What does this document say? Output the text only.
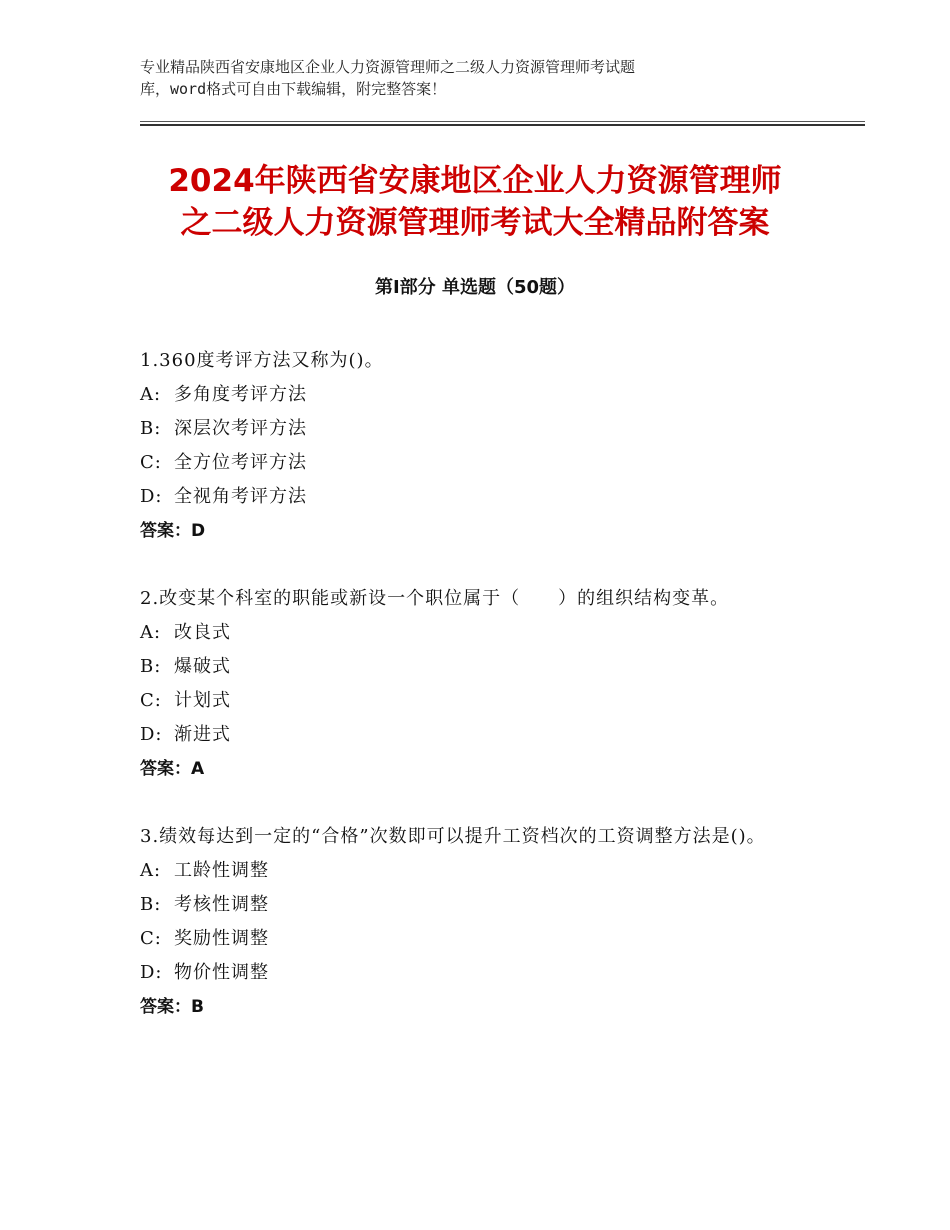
专业精品陕西省安康地区企业人力资源管理师之二级人力资源管理师考试题
库，word格式可自由下载编辑，附完整答案！
2024年陕西省安康地区企业人力资源管理师
之二级人力资源管理师考试大全精品附答案
第Ⅰ部分 单选题（50题）

1.360度考评方法又称为()。

A: 多角度考评方法

B: 深层次考评方法

C: 全方位考评方法

D: 全视角考评方法

答案：D

2.改变某个科室的职能或新设一个职位属于（　　）的组织结构变革。

A: 改良式

B: 爆破式

C: 计划式

D: 渐进式

答案：A

3.绩效每达到一定的“合格”次数即可以提升工资档次的工资调整方法是()。

A: 工龄性调整

B: 考核性调整

C: 奖励性调整

D: 物价性调整

答案：B
